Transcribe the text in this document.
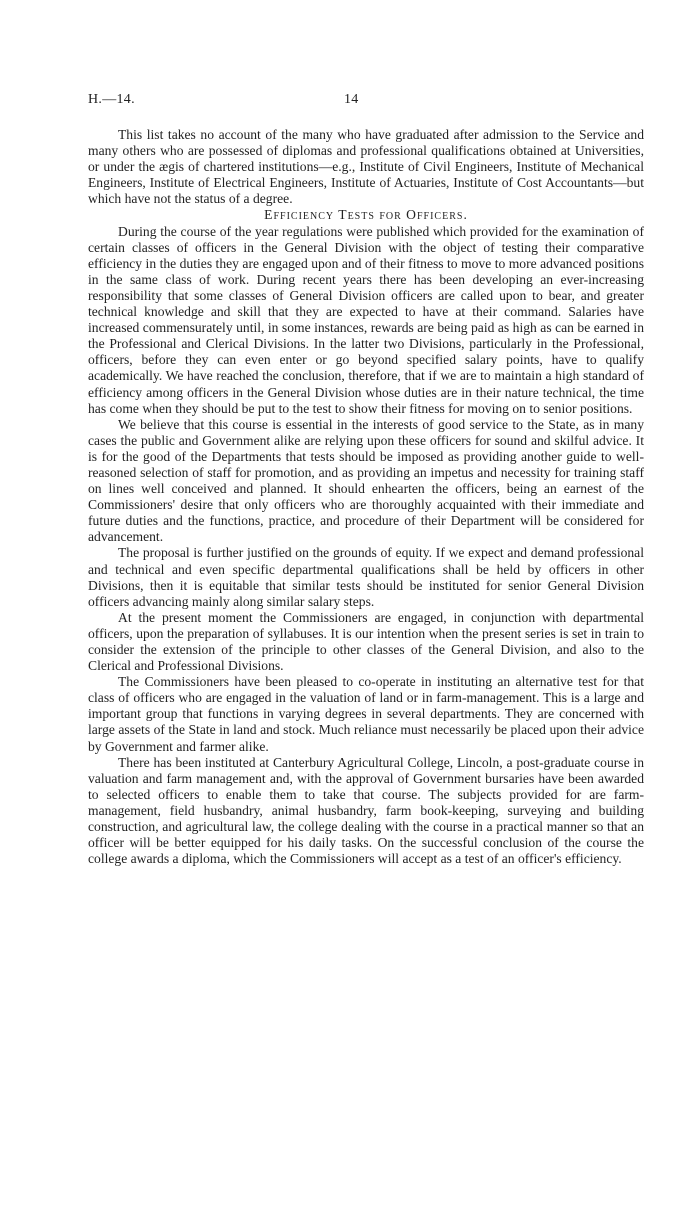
H.—14.	14

This list takes no account of the many who have graduated after admission to the Service and many others who are possessed of diplomas and professional qualifications obtained at Universities, or under the ægis of chartered institutions—e.g., Institute of Civil Engineers, Institute of Mechanical Engineers, Institute of Electrical Engineers, Institute of Actuaries, Institute of Cost Accountants—but which have not the status of a degree.

Efficiency Tests for Officers.

During the course of the year regulations were published which provided for the examination of certain classes of officers in the General Division with the object of testing their comparative efficiency in the duties they are engaged upon and of their fitness to move to more advanced positions in the same class of work. During recent years there has been developing an ever-increasing responsibility that some classes of General Division officers are called upon to bear, and greater technical knowledge and skill that they are expected to have at their command. Salaries have increased commensurately until, in some instances, rewards are being paid as high as can be earned in the Professional and Clerical Divisions. In the latter two Divisions, particularly in the Professional, officers, before they can even enter or go beyond specified salary points, have to qualify academically. We have reached the conclusion, therefore, that if we are to maintain a high standard of efficiency among officers in the General Division whose duties are in their nature technical, the time has come when they should be put to the test to show their fitness for moving on to senior positions.

We believe that this course is essential in the interests of good service to the State, as in many cases the public and Government alike are relying upon these officers for sound and skilful advice. It is for the good of the Departments that tests should be imposed as providing another guide to well-reasoned selection of staff for promotion, and as providing an impetus and necessity for training staff on lines well conceived and planned. It should enhearten the officers, being an earnest of the Commissioners' desire that only officers who are thoroughly acquainted with their immediate and future duties and the functions, practice, and procedure of their Department will be considered for advancement.

The proposal is further justified on the grounds of equity. If we expect and demand professional and technical and even specific departmental qualifications shall be held by officers in other Divisions, then it is equitable that similar tests should be instituted for senior General Division officers advancing mainly along similar salary steps.

At the present moment the Commissioners are engaged, in conjunction with departmental officers, upon the preparation of syllabuses. It is our intention when the present series is set in train to consider the extension of the principle to other classes of the General Division, and also to the Clerical and Professional Divisions.

The Commissioners have been pleased to co-operate in instituting an alternative test for that class of officers who are engaged in the valuation of land or in farm-management. This is a large and important group that functions in varying degrees in several departments. They are concerned with large assets of the State in land and stock. Much reliance must necessarily be placed upon their advice by Government and farmer alike.

There has been instituted at Canterbury Agricultural College, Lincoln, a post-graduate course in valuation and farm management and, with the approval of Government bursaries have been awarded to selected officers to enable them to take that course. The subjects provided for are farm-management, field husbandry, animal husbandry, farm book-keeping, surveying and building construction, and agricultural law, the college dealing with the course in a practical manner so that an officer will be better equipped for his daily tasks. On the successful conclusion of the course the college awards a diploma, which the Commissioners will accept as a test of an officer's efficiency.
